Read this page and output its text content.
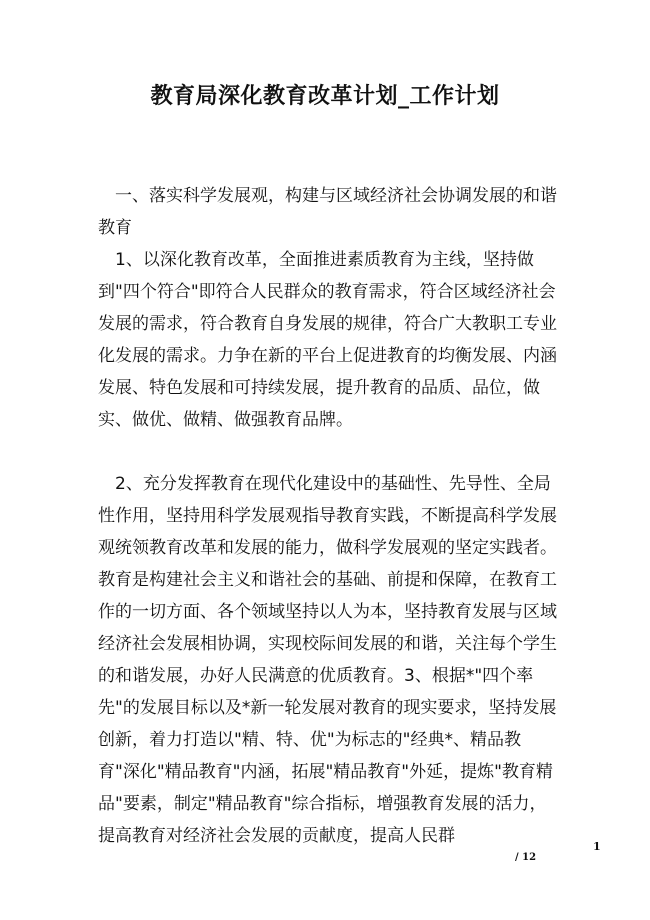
教育局深化教育改革计划_工作计划

一、落实科学发展观，构建与区域经济社会协调发展的和谐教育

1、以深化教育改革，全面推进素质教育为主线，坚持做到"四个符合"即符合人民群众的教育需求，符合区域经济社会发展的需求，符合教育自身发展的规律，符合广大教职工专业化发展的需求。力争在新的平台上促进教育的均衡发展、内涵发展、特色发展和可持续发展，提升教育的品质、品位，做实、做优、做精、做强教育品牌。

2、充分发挥教育在现代化建设中的基础性、先导性、全局性作用，坚持用科学发展观指导教育实践，不断提高科学发展观统领教育改革和发展的能力，做科学发展观的坚定实践者。教育是构建社会主义和谐社会的基础、前提和保障，在教育工作的一切方面、各个领域坚持以人为本，坚持教育发展与区域经济社会发展相协调，实现校际间发展的和谐，关注每个学生的和谐发展，办好人民满意的优质教育。3、根据*"四个率先"的发展目标以及*新一轮发展对教育的现实要求，坚持发展创新，着力打造以"精、特、优"为标志的"经典*、精品教育"深化"精品教育"内涵，拓展"精品教育"外延，提炼"教育精品"要素，制定"精品教育"综合指标，增强教育发展的活力，提高教育对经济社会发展的贡献度，提高人民群

1
/ 12
